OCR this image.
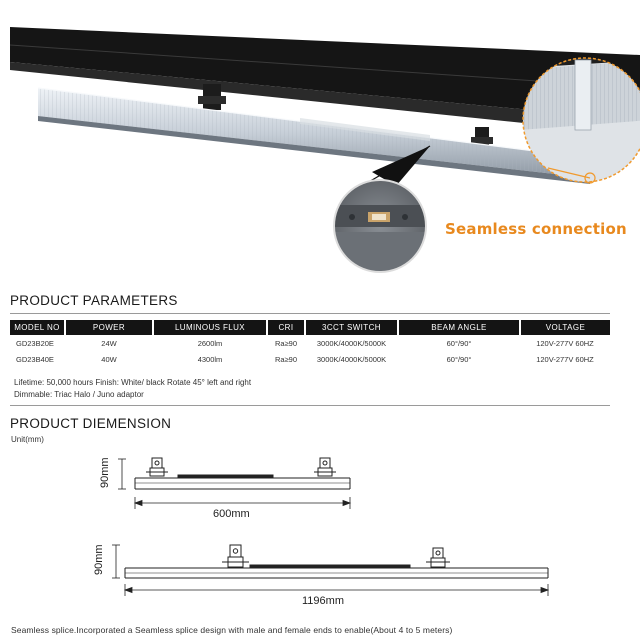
Seamless connection
PRODUCT PARAMETERS
MODEL NO	POWER	LUMINOUS FLUX	CRI	3CCT SWITCH	BEAM ANGLE	VOLTAGE
GD23B20E	24W	2600lm	Ra≥90	3000K/4000K/5000K	60°/90°	120V-277V 60HZ
GD23B40E	40W	4300lm	Ra≥90	3000K/4000K/5000K	60°/90°	120V-277V 60HZ
Lifetime: 50,000 hours Finish: White/ black Rotate 45° left and right
Dimmable: Triac Halo / Juno adaptor
PRODUCT DIEMENSION
Unit(mm)
90mm
600mm
90mm
1196mm
Seamless splice.Incorporated a Seamless splice design with male and female ends to enable(About 4 to 5 meters)
